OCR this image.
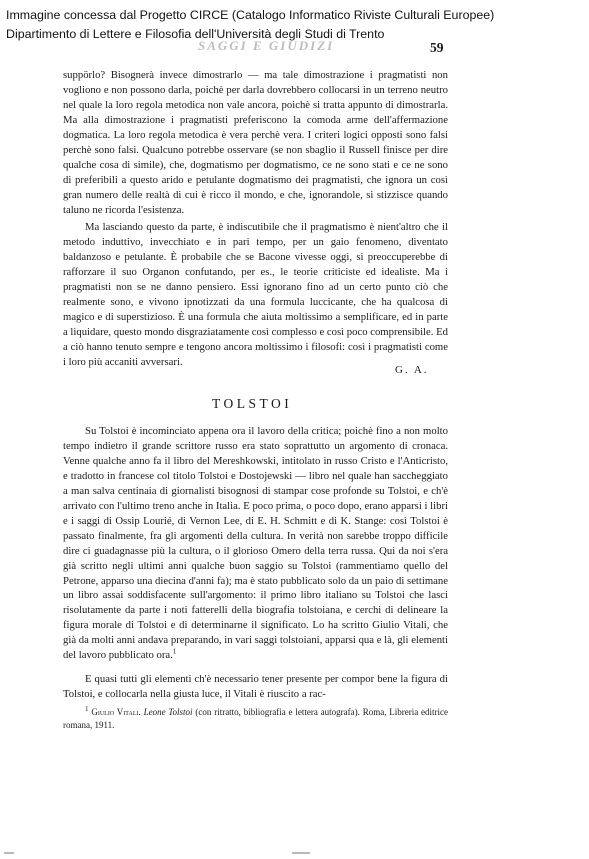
Immagine concessa dal Progetto CIRCE (Catalogo Informatico Riviste Culturali Europee)
Dipartimento di Lettere e Filosofia dell'Università degli Studi di Trento
SAGGI E GIUDIZI	59
suppörlo? Bisognerà invece dimostrarlo — ma tale dimostrazione i pragmatisti non vogliono e non possono darla, poichè per darla dovrebbero collocarsi in un terreno neutro nel quale la loro regola metodica non vale ancora, poichè si tratta appunto di dimostrarla. Ma alla dimostrazione i pragmatisti preferiscono la comoda arme dell'affermazione dogmatica. La loro regola metodica è vera perchè vera. I criteri logici opposti sono falsi perchè sono falsi. Qualcuno potrebbe osservare (se non sbaglio il Russell finisce per dire qualche cosa di simile), che, dogmatismo per dogmatismo, ce ne sono stati e ce ne sono di preferibili a questo arido e petulante dogmatismo dei pragmatisti, che ignora un così gran numero delle realtà di cui è ricco il mondo, e che, ignorandole, si stizzisce quando taluno ne ricorda l'esistenza.
Ma lasciando questo da parte, è indiscutibile che il pragmatismo è nient'altro che il metodo induttivo, invecchiato e in pari tempo, per un gaio fenomeno, diventato baldanzoso e petulante. È probabile che se Bacone vivesse oggi, si preoccuperebbe di rafforzare il suo Organon confutando, per es., le teorie criticiste ed idealiste. Ma i pragmatisti non se ne danno pensiero. Essi ignorano fino ad un certo punto ciò che realmente sono, e vivono ipnotizzati da una formula luccicante, che ha qualcosa di magico e di superstizioso. È una formula che aiuta moltissimo a semplificare, ed in parte a liquidare, questo mondo disgraziatamente così complesso e così poco comprensibile. Ed a ciò hanno tenuto sempre e tengono ancora moltissimo i filosofi: così i pragmatisti come i loro più accaniti avversari.
G. A.
TOLSTOI
Su Tolstoi è incominciato appena ora il lavoro della critica; poichè fino a non molto tempo indietro il grande scrittore russo era stato soprattutto un argomento di cronaca. Venne qualche anno fa il libro del Mereshkowski, intitolato in russo Cristo e l'Anticristo, e tradotto in francese col titolo Tolstoi e Dostojewski — libro nel quale han saccheggiato a man salva centinaia di giornalisti bisognosi di stampar cose profonde su Tolstoi, e ch'è arrivato con l'ultimo treno anche in Italia. E poco prima, o poco dopo, erano apparsi i libri e i saggi di Ossip Lourié, di Vernon Lee, di E. H. Schmitt e di K. Stange: così Tolstoi è passato finalmente, fra gli argomenti della cultura. In verità non sarebbe troppo difficile dire ci guadagnasse più la cultura, o il glorioso Omero della terra russa. Qui da noi s'era già scritto negli ultimi anni qualche buon saggio su Tolstoi (rammentiamo quello del Petrone, apparso una diecina d'anni fa); ma è stato pubblicato solo da un paio di settimane un libro assai soddisfacente sull'argomento: il primo libro italiano su Tolstoi che lasci risolutamente da parte i noti fatterelli della biografia tolstoiana, e cerchi di delineare la figura morale di Tolstoi e di determinarne il significato. Lo ha scritto Giulio Vitali, che già da molti anni andava preparando, in vari saggi tolstoiani, apparsi qua e là, gli elementi del lavoro pubblicato ora.$^1$
E quasi tutti gli elementi ch'è necessario tener presente per compor bene la figura di Tolstoi, e collocarla nella giusta luce, il Vitali è riuscito a rac-
$^1$ Giulio Vitali. Leone Tolstoi (con ritratto, bibliografia e lettera autografa). Roma, Libreria editrice romana, 1911.
